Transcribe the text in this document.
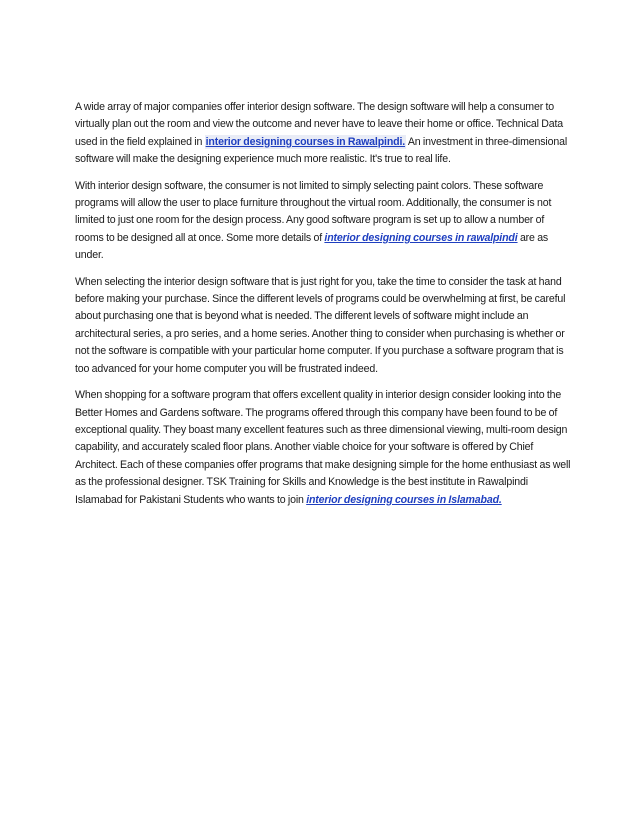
A wide array of major companies offer interior design software. The design software will help a consumer to virtually plan out the room and view the outcome and never have to leave their home or office. Technical Data used in the field explained in interior designing courses in Rawalpindi. An investment in three-dimensional software will make the designing experience much more realistic. It's true to real life.

With interior design software, the consumer is not limited to simply selecting paint colors. These software programs will allow the user to place furniture throughout the virtual room. Additionally, the consumer is not limited to just one room for the design process. Any good software program is set up to allow a number of rooms to be designed all at once. Some more details of interior designing courses in rawalpindi are as under.

When selecting the interior design software that is just right for you, take the time to consider the task at hand before making your purchase. Since the different levels of programs could be overwhelming at first, be careful about purchasing one that is beyond what is needed. The different levels of software might include an architectural series, a pro series, and a home series. Another thing to consider when purchasing is whether or not the software is compatible with your particular home computer. If you purchase a software program that is too advanced for your home computer you will be frustrated indeed.

When shopping for a software program that offers excellent quality in interior design consider looking into the Better Homes and Gardens software. The programs offered through this company have been found to be of exceptional quality. They boast many excellent features such as three dimensional viewing, multi-room design capability, and accurately scaled floor plans. Another viable choice for your software is offered by Chief Architect. Each of these companies offer programs that make designing simple for the home enthusiast as well as the professional designer. TSK Training for Skills and Knowledge is the best institute in Rawalpindi Islamabad for Pakistani Students who wants to join interior designing courses in Islamabad.
